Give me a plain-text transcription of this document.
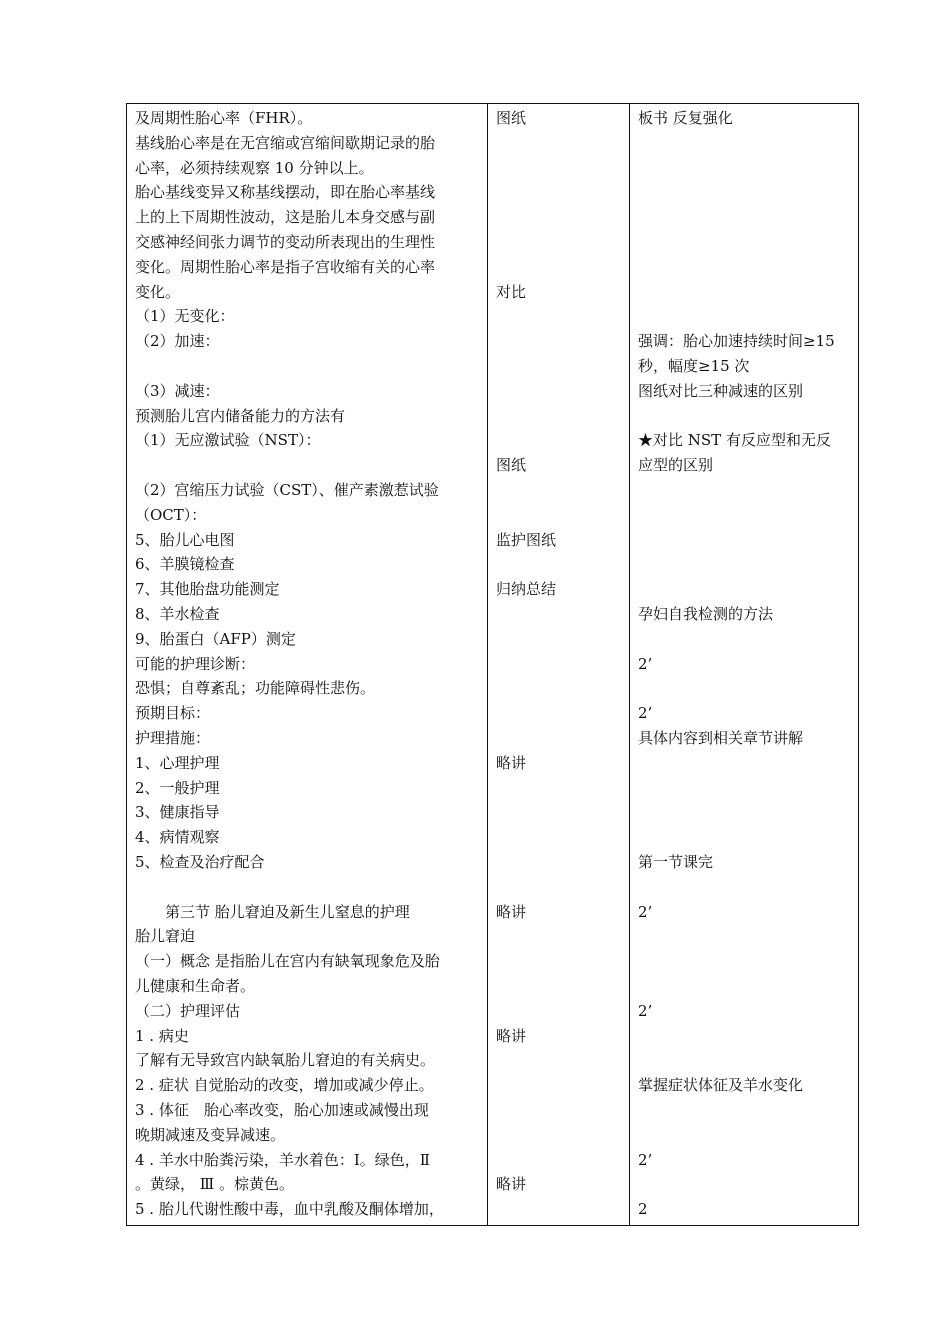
及周期性胎心率（FHR）。
基线胎心率是在无宫缩或宫缩间歇期记录的胎
心率，必须持续观察 10 分钟以上。
胎心基线变异又称基线摆动，即在胎心率基线
上的上下周期性波动，这是胎儿本身交感与副
交感神经间张力调节的变动所表现出的生理性
变化。周期性胎心率是指子宫收缩有关的心率
变化。
（1）无变化：
（2）加速：
（3）减速：
预测胎儿宫内储备能力的方法有
（1）无应激试验（NST）：
（2）宫缩压力试验（CST）、催产素激惹试验
（OCT）：
5、胎儿心电图
6、羊膜镜检查
7、其他胎盘功能测定
8、羊水检查
9、胎蛋白（AFP）测定
可能的护理诊断：
恐惧；自尊紊乱；功能障碍性悲伤。
预期目标：
护理措施：
1、心理护理
2、一般护理
3、健康指导
4、病情观察
5、检查及治疗配合
　　第三节 胎儿窘迫及新生儿窒息的护理
胎儿窘迫
（一）概念 是指胎儿在宫内有缺氧现象危及胎
儿健康和生命者。
（二）护理评估
1 . 病史
了解有无导致宫内缺氧胎儿窘迫的有关病史。
2 . 症状 自觉胎动的改变，增加或减少停止。
3 . 体征　胎心率改变，胎心加速或减慢出现
晚期减速及变异减速。
4 . 羊水中胎粪污染，羊水着色：Ⅰ。绿色，Ⅱ
。黄绿， Ⅲ 。棕黄色。
5 . 胎儿代谢性酸中毒，血中乳酸及酮体增加，
图纸
对比
图纸
监护图纸
归纳总结
略讲
略讲
略讲
略讲
板书 反复强化
强调：胎心加速持续时间≥15
秒，幅度≥15 次
图纸对比三种减速的区别
★对比 NST 有反应型和无反
应型的区别
孕妇自我检测的方法
2’
2’
具体内容到相关章节讲解
第一节课完
2’
2’
掌握症状体征及羊水变化
2’
2
